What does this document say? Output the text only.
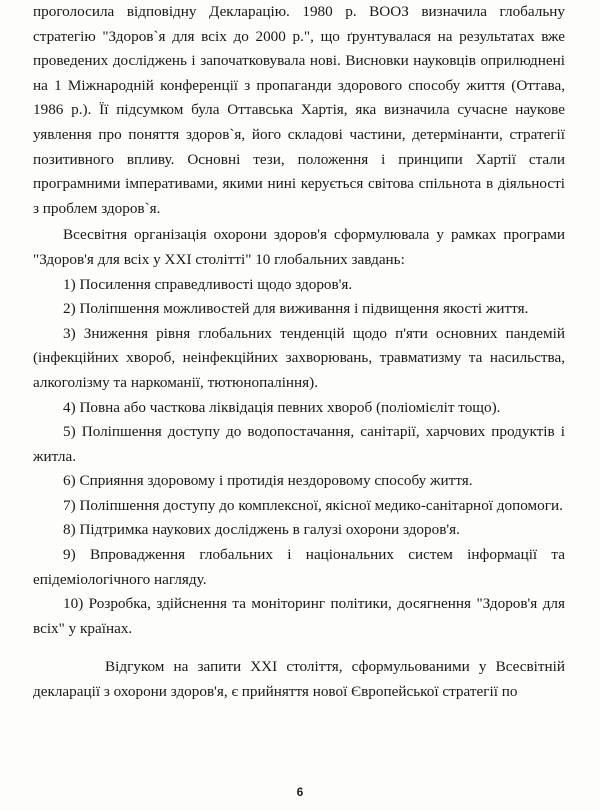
проголосила відповідну Декларацію. 1980 р. ВООЗ визначила глобальну стратегію "Здоров`я для всіх до 2000 р.", що ґрунтувалася на результатах вже проведених досліджень і започатковувала нові. Висновки науковців оприлюднені на 1 Міжнародній конференції з пропаганди здорового способу життя (Оттава, 1986 р.). Її підсумком була Оттавська Хартія, яка визначила сучасне наукове уявлення про поняття здоров`я, його складові частини, детермінанти, стратегії позитивного впливу. Основні тези, положення і принципи Хартії стали програмними імперативами, якими нині керується світова спільнота в діяльності з проблем здоров`я.

Всесвітня організація охорони здоров'я сформулювала у рамках програми "Здоров'я для всіх у XXI столітті" 10 глобальних завдань:

1) Посилення справедливості щодо здоров'я.

2) Поліпшення можливостей для виживання і підвищення якості життя.

3) Зниження рівня глобальних тенденцій щодо п'яти основних пандемій (інфекційних хвороб, неінфекційних захворювань, травматизму та насильства, алкоголізму та наркоманії, тютюнопаління).

4) Повна або часткова ліквідація певних хвороб (поліомієліт тощо).

5) Поліпшення доступу до водопостачання, санітарії, харчових продуктів і житла.

6) Сприяння здоровому і протидія нездоровому способу життя.

7) Поліпшення доступу до комплексної, якісної медико-санітарної допомоги.

8) Підтримка наукових досліджень в галузі охорони здоров'я.

9) Впровадження глобальних і національних систем інформації та епідеміологічного нагляду.

10) Розробка, здійснення та моніторинг політики, досягнення "Здоров'я для всіх" у країнах.

Відгуком на запити XXI століття, сформульованими у Всесвітній декларації з охорони здоров'я, є прийняття нової Європейської стратегії по

6
